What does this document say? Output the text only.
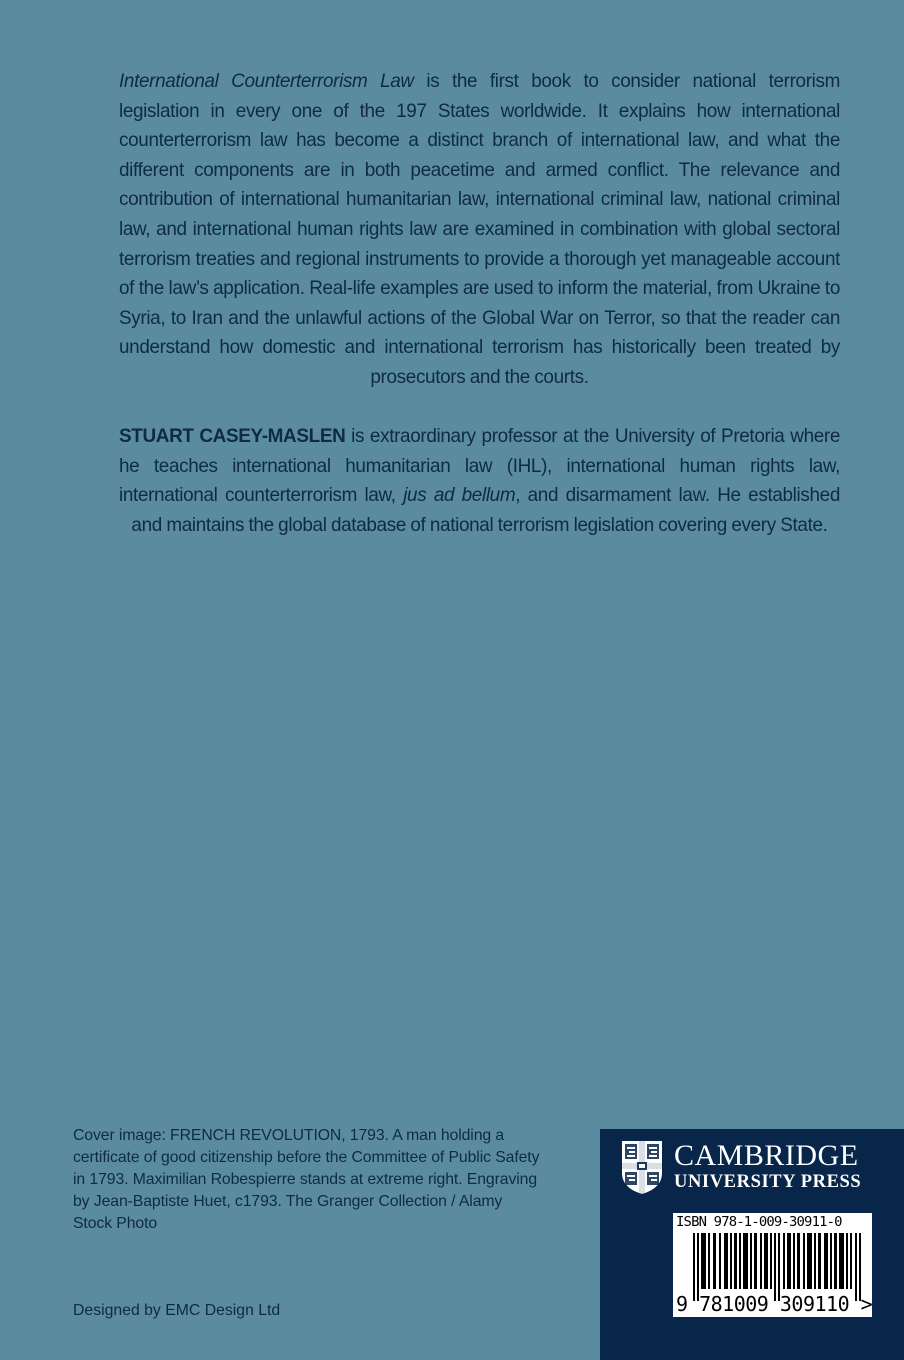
International Counterterrorism Law is the first book to consider national terrorism legislation in every one of the 197 States worldwide. It explains how international counterterrorism law has become a distinct branch of international law, and what the different components are in both peacetime and armed conflict. The relevance and contribution of international humanitarian law, international criminal law, national criminal law, and international human rights law are examined in combination with global sectoral terrorism treaties and regional instruments to provide a thorough yet manageable account of the law’s application. Real-life examples are used to inform the material, from Ukraine to Syria, to Iran and the unlawful actions of the Global War on Terror, so that the reader can understand how domestic and international terrorism has historically been treated by prosecutors and the courts.

STUART CASEY-MASLEN is extraordinary professor at the University of Pretoria where he teaches international humanitarian law (IHL), international human rights law, international counterterrorism law, jus ad bellum, and disarmament law. He established and maintains the global database of national terrorism legislation covering every State.

Cover image: FRENCH REVOLUTION, 1793. A man holding a certificate of good citizenship before the Committee of Public Safety in 1793. Maximilian Robespierre stands at extreme right. Engraving by Jean-Baptiste Huet, c1793. The Granger Collection / Alamy Stock Photo
Designed by EMC Design Ltd
CAMBRIDGE
UNIVERSITY PRESS
ISBN 978-1-009-30911-0
9 781009 309110 >
